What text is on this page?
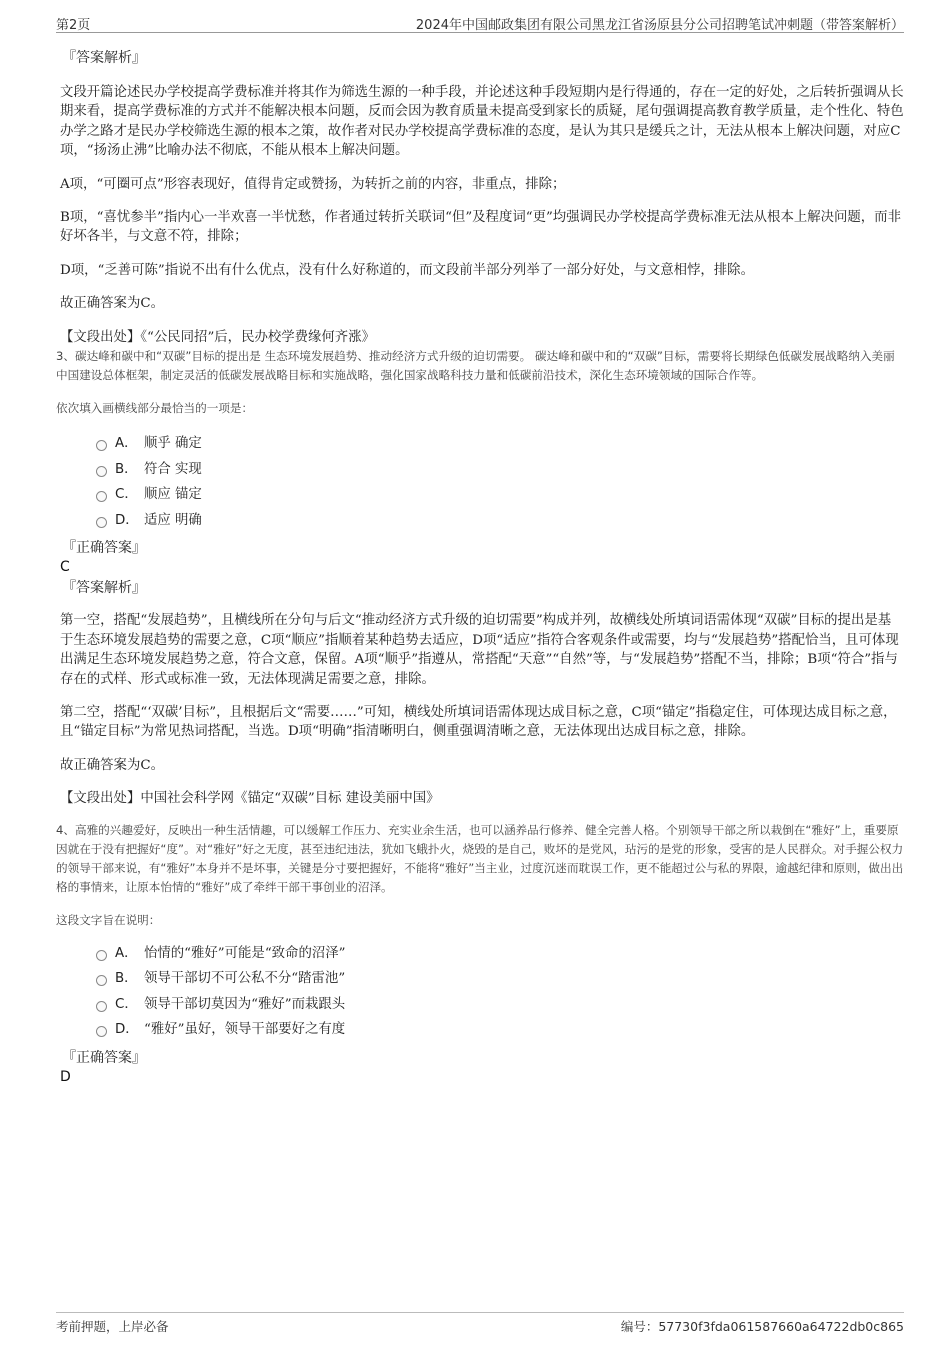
第2页	2024年中国邮政集团有限公司黑龙江省汤原县分公司招聘笔试冲刺题（带答案解析）
『答案解析』

文段开篇论述民办学校提高学费标准并将其作为筛选生源的一种手段，并论述这种手段短期内是行得通的，存在一定的好处，之后转折强调从长期来看，提高学费标准的方式并不能解决根本问题，反而会因为教育质量未提高受到家长的质疑，尾句强调提高教育教学质量，走个性化、特色办学之路才是民办学校筛选生源的根本之策，故作者对民办学校提高学费标准的态度，是认为其只是缓兵之计，无法从根本上解决问题，对应C项，“扬汤止沸”比喻办法不彻底，不能从根本上解决问题。

A项，“可圈可点”形容表现好，值得肯定或赞扬，为转折之前的内容，非重点，排除；

B项，“喜忧参半”指内心一半欢喜一半忧愁，作者通过转折关联词“但”及程度词“更”均强调民办学校提高学费标准无法从根本上解决问题，而非好坏各半，与文意不符，排除；

D项，“乏善可陈”指说不出有什么优点，没有什么好称道的，而文段前半部分列举了一部分好处，与文意相悖，排除。

故正确答案为C。

【文段出处】《“公民同招”后，民办校学费缘何齐涨》

3、碳达峰和碳中和“双碳”目标的提出是 生态环境发展趋势、推动经济方式升级的迫切需要。 碳达峰和碳中和的“双碳”目标，需要将长期绿色低碳发展战略纳入美丽中国建设总体框架，制定灵活的低碳发展战略目标和实施战略，强化国家战略科技力量和低碳前沿技术，深化生态环境领域的国际合作等。
依次填入画横线部分最恰当的一项是：
A． 顺乎 确定
B． 符合 实现
C． 顺应 锚定
D． 适应 明确
『正确答案』
C
『答案解析』

第一空，搭配“发展趋势”，且横线所在分句与后文“推动经济方式升级的迫切需要”构成并列，故横线处所填词语需体现“双碳”目标的提出是基于生态环境发展趋势的需要之意，C项“顺应”指顺着某种趋势去适应，D项“适应”指符合客观条件或需要，均与“发展趋势”搭配恰当，且可体现出满足生态环境发展趋势之意，符合文意，保留。A项“顺乎”指遵从，常搭配“天意”“自然”等，与“发展趋势”搭配不当，排除；B项“符合”指与存在的式样、形式或标准一致，无法体现满足需要之意，排除。

第二空，搭配“‘双碳’目标”，且根据后文“需要……”可知，横线处所填词语需体现达成目标之意，C项“锚定”指稳定住，可体现达成目标之意，且“锚定目标”为常见热词搭配，当选。D项“明确”指清晰明白，侧重强调清晰之意，无法体现出达成目标之意，排除。

故正确答案为C。

【文段出处】中国社会科学网《锚定“双碳”目标 建设美丽中国》

4、高雅的兴趣爱好，反映出一种生活情趣，可以缓解工作压力、充实业余生活，也可以涵养品行修养、健全完善人格。个别领导干部之所以栽倒在“雅好”上，重要原因就在于没有把握好“度”。对“雅好”好之无度，甚至违纪违法，犹如飞蛾扑火，烧毁的是自己，败坏的是党风，玷污的是党的形象，受害的是人民群众。对手握公权力的领导干部来说，有“雅好”本身并不是坏事，关键是分寸要把握好，不能将“雅好”当主业，过度沉迷而耽误工作，更不能超过公与私的界限，逾越纪律和原则，做出出格的事情来，让原本怡情的“雅好”成了牵绊干部干事创业的沼泽。
这段文字旨在说明：
A． 怡情的“雅好”可能是“致命的沼泽”
B． 领导干部切不可公私不分“踏雷池”
C． 领导干部切莫因为“雅好”而栽跟头
D． “雅好”虽好，领导干部要好之有度
『正确答案』
D
考前押题，上岸必备	编号：57730f3fda061587660a64722db0c865
